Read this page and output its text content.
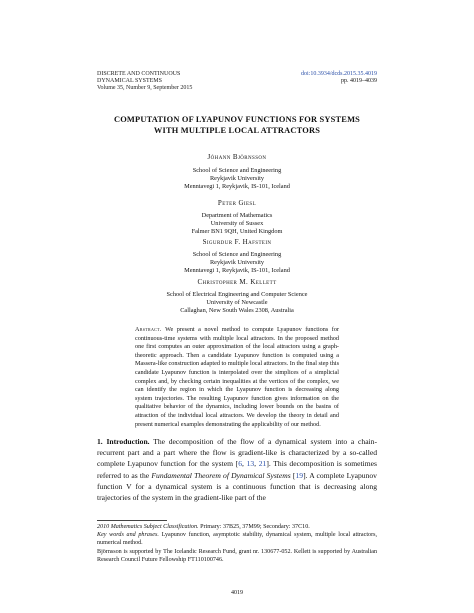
DISCRETE AND CONTINUOUS
DYNAMICAL SYSTEMS
Volume 35, Number 9, September 2015
doi:10.3934/dcds.2015.35.4019
pp. 4019–4039
COMPUTATION OF LYAPUNOV FUNCTIONS FOR SYSTEMS
WITH MULTIPLE LOCAL ATTRACTORS
Jóhann Björnsson
School of Science and Engineering
Reykjavik University
Menntavegi 1, Reykjavik, IS-101, Iceland
Peter Giesl
Department of Mathematics
University of Sussex
Falmer BN1 9QH, United Kingdom
Sigurdur F. Hafstein
School of Science and Engineering
Reykjavik University
Menntavegi 1, Reykjavik, IS-101, Iceland
Christopher M. Kellett
School of Electrical Engineering and Computer Science
University of Newcastle
Callaghan, New South Wales 2308, Australia
Abstract. We present a novel method to compute Lyapunov functions for continuous-time systems with multiple local attractors. In the proposed method one first computes an outer approximation of the local attractors using a graph-theoretic approach. Then a candidate Lyapunov function is computed using a Massera-like construction adapted to multiple local attractors. In the final step this candidate Lyapunov function is interpolated over the simplices of a simplicial complex and, by checking certain inequalities at the vertices of the complex, we can identify the region in which the Lyapunov function is decreasing along system trajectories. The resulting Lyapunov function gives information on the qualitative behavior of the dynamics, including lower bounds on the basins of attraction of the individual local attractors. We develop the theory in detail and present numerical examples demonstrating the applicability of our method.
1. Introduction. The decomposition of the flow of a dynamical system into a chain-recurrent part and a part where the flow is gradient-like is characterized by a so-called complete Lyapunov function for the system [6, 13, 21]. This decomposition is sometimes referred to as the Fundamental Theorem of Dynamical Systems [19]. A complete Lyapunov function V for a dynamical system is a continuous function that is decreasing along trajectories of the system in the gradient-like part of the
2010 Mathematics Subject Classification. Primary: 37B25, 37M99; Secondary: 37C10.
Key words and phrases. Lyapunov function, asymptotic stability, dynamical system, multiple local attractors, numerical method.
Björnsson is supported by The Icelandic Research Fund, grant nr. 130677-052. Kellett is supported by Australian Research Council Future Fellowship FT110100746.
4019
